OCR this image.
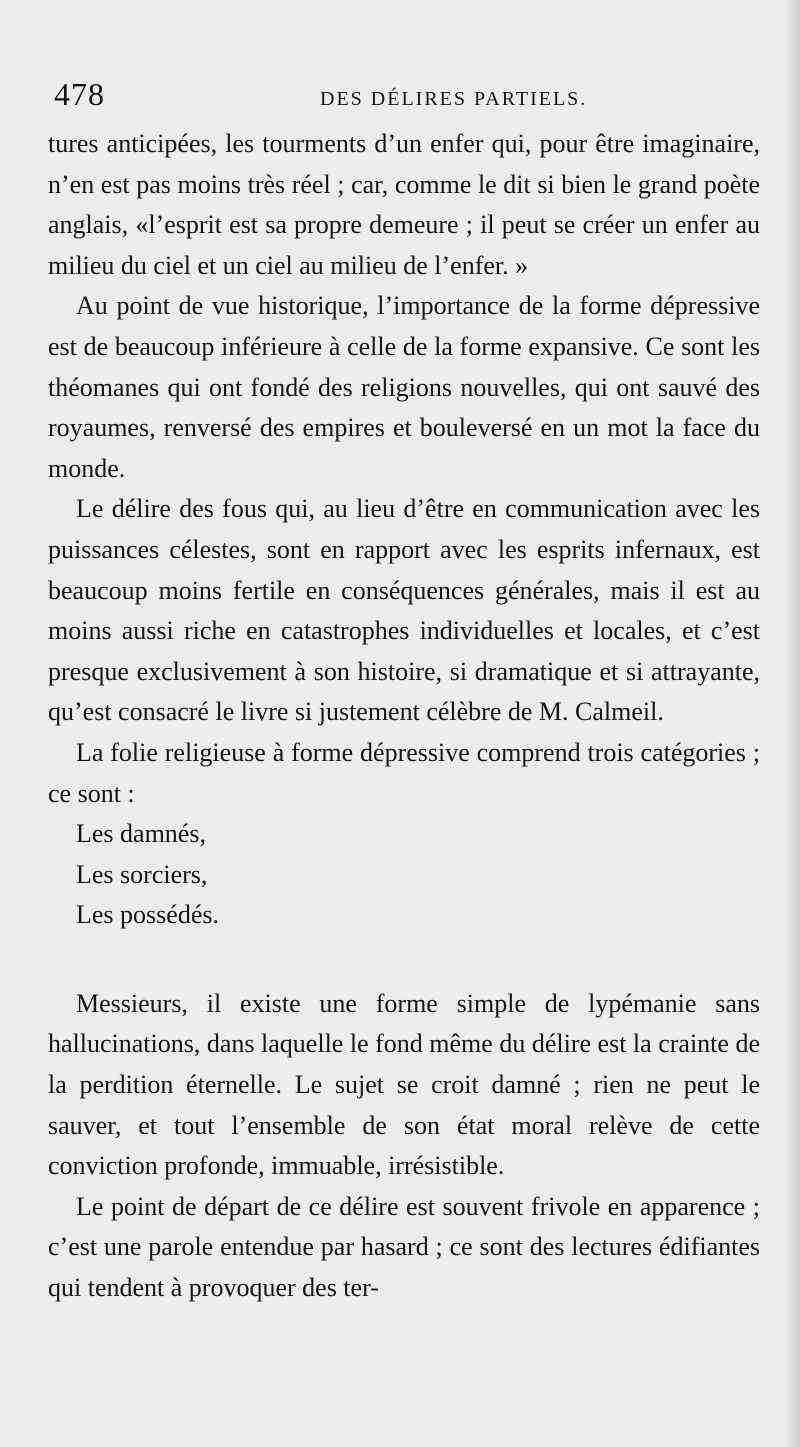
478	DES DÉLIRES PARTIELS.

tures anticipées, les tourments d’un enfer qui, pour être imaginaire, n’en est pas moins très réel ; car, comme le dit si bien le grand poète anglais, «l’esprit est sa propre demeure ; il peut se créer un enfer au milieu du ciel et un ciel au milieu de l’enfer. »

Au point de vue historique, l’importance de la forme dépressive est de beaucoup inférieure à celle de la forme expansive. Ce sont les théomanes qui ont fondé des religions nouvelles, qui ont sauvé des royaumes, renversé des empires et bouleversé en un mot la face du monde.

Le délire des fous qui, au lieu d’être en communication avec les puissances célestes, sont en rapport avec les esprits infernaux, est beaucoup moins fertile en conséquences générales, mais il est au moins aussi riche en catastrophes individuelles et locales, et c’est presque exclusivement à son histoire, si dramatique et si attrayante, qu’est consacré le livre si justement célèbre de M. Calmeil.

La folie religieuse à forme dépressive comprend trois catégories ; ce sont :

Les damnés,
Les sorciers,
Les possédés.

Messieurs, il existe une forme simple de lypémanie sans hallucinations, dans laquelle le fond même du délire est la crainte de la perdition éternelle. Le sujet se croit damné ; rien ne peut le sauver, et tout l’ensemble de son état moral relève de cette conviction profonde, immuable, irrésistible.

Le point de départ de ce délire est souvent frivole en apparence ; c’est une parole entendue par hasard ; ce sont des lectures édifiantes qui tendent à provoquer des ter-
